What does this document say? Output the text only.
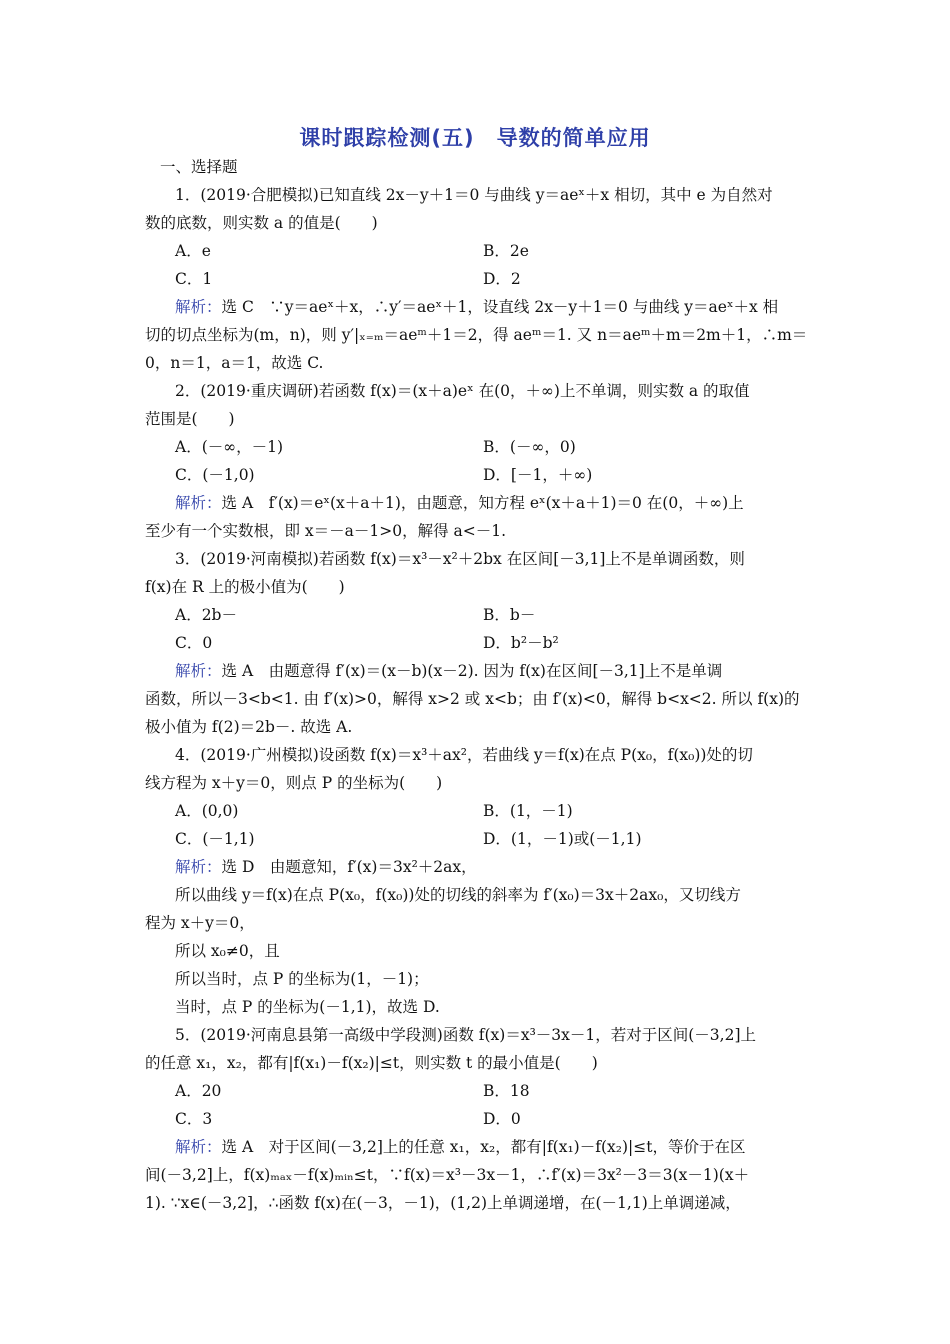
课时跟踪检测(五)　导数的简单应用
一、选择题
1．(2019·合肥模拟)已知直线 2x－y＋1＝0 与曲线 y＝aeˣ＋x 相切，其中 e 为自然对
数的底数，则实数 a 的值是(　　)
A．e	B．2e
C．1	D．2
解析：选 C　∵y＝aeˣ＋x，∴y′＝aeˣ＋1，设直线 2x－y＋1＝0 与曲线 y＝aeˣ＋x 相
切的切点坐标为(m，n)，则 y′|ₓ₌ₘ＝aeᵐ＋1＝2，得 aeᵐ＝1. 又 n＝aeᵐ＋m＝2m＋1，∴m＝
0，n＝1，a＝1，故选 C.
2．(2019·重庆调研)若函数 f(x)＝(x＋a)eˣ 在(0，＋∞)上不单调，则实数 a 的取值
范围是(　　)
A．(－∞，－1)	B．(－∞，0)
C．(－1,0)	D．[－1，＋∞)
解析：选 A　f′(x)＝eˣ(x＋a＋1)，由题意，知方程 eˣ(x＋a＋1)＝0 在(0，＋∞)上
至少有一个实数根，即 x＝－a－1>0，解得 a<－1.
3．(2019·河南模拟)若函数 f(x)＝x³－x²＋2bx 在区间[－3,1]上不是单调函数，则
f(x)在 R 上的极小值为(　　)
A．2b－	B．b－
C．0	D．b²－b²
解析：选 A　由题意得 f′(x)＝(x－b)(x－2). 因为 f(x)在区间[－3,1]上不是单调
函数，所以－3<b<1. 由 f′(x)>0，解得 x>2 或 x<b；由 f′(x)<0，解得 b<x<2. 所以 f(x)的
极小值为 f(2)＝2b－. 故选 A.
4．(2019·广州模拟)设函数 f(x)＝x³＋ax²，若曲线 y＝f(x)在点 P(x₀，f(x₀))处的切
线方程为 x＋y＝0，则点 P 的坐标为(　　)
A．(0,0)	B．(1，－1)
C．(－1,1)	D．(1，－1)或(－1,1)
解析：选 D　由题意知，f′(x)＝3x²＋2ax，
所以曲线 y＝f(x)在点 P(x₀，f(x₀))处的切线的斜率为 f′(x₀)＝3x＋2ax₀，又切线方
程为 x＋y＝0，
所以 x₀≠0，且
所以当时，点 P 的坐标为(1，－1)；
当时，点 P 的坐标为(－1,1)，故选 D.
5．(2019·河南息县第一高级中学段测)函数 f(x)＝x³－3x－1，若对于区间(－3,2]上
的任意 x₁，x₂，都有|f(x₁)－f(x₂)|≤t，则实数 t 的最小值是(　　)
A．20	B．18
C．3	D．0
解析：选 A　对于区间(－3,2]上的任意 x₁，x₂，都有|f(x₁)－f(x₂)|≤t，等价于在区
间(－3,2]上，f(x)ₘₐₓ－f(x)ₘᵢₙ≤t，∵f(x)＝x³－3x－1，∴f′(x)＝3x²－3＝3(x－1)(x＋
1). ∵x∈(－3,2]，∴函数 f(x)在(－3，－1)，(1,2)上单调递增，在(－1,1)上单调递减，
